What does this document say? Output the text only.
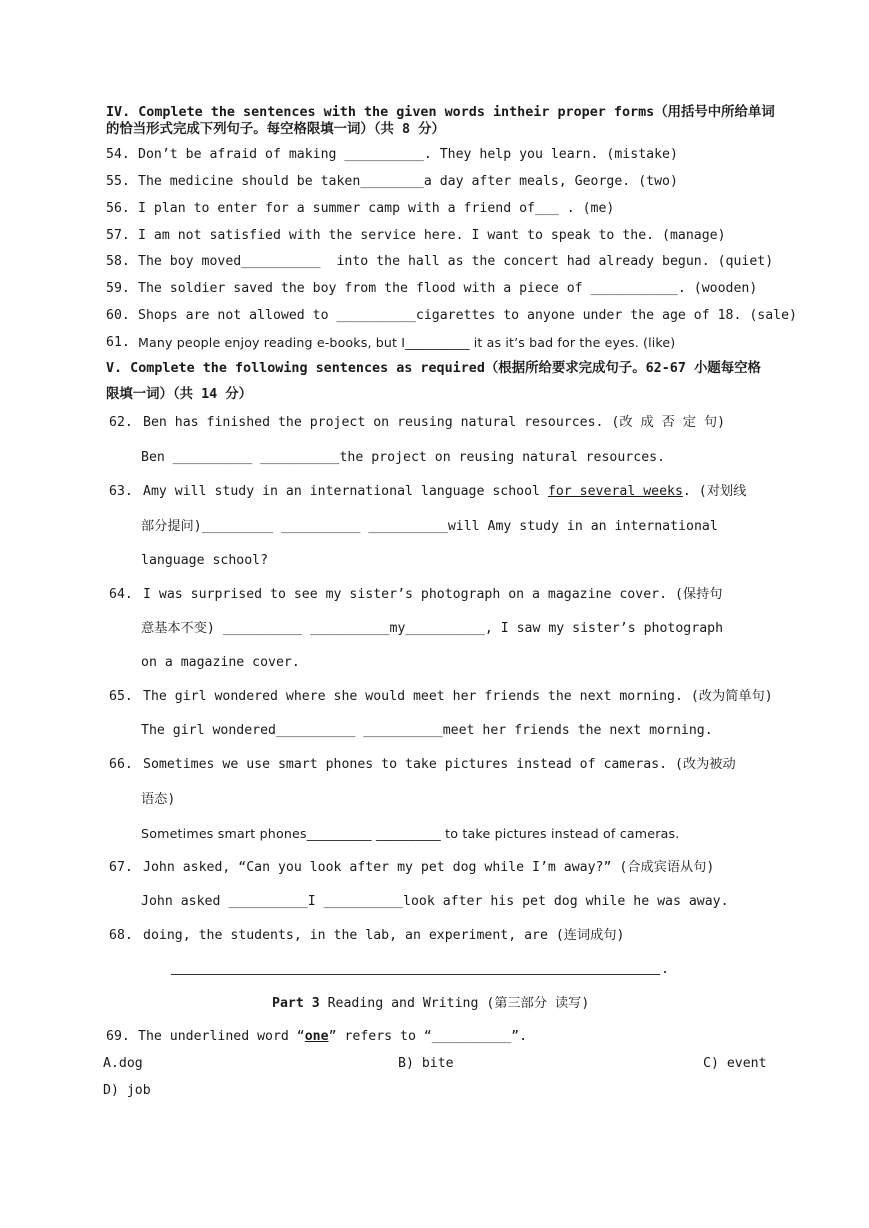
IV. Complete the sentences with the given words intheir proper forms（用括号中所给单词
的恰当形式完成下列句子。每空格限填一词）（共 8 分）
54. Don’t be afraid of making __________. They help you learn. (mistake)
55. The medicine should be taken________a day after meals, George. (two)
56. I plan to enter for a summer camp with a friend of___ . (me)
57. I am not satisfied with the service here. I want to speak to the. (manage)
58. The boy moved__________  into the hall as the concert had already begun. (quiet)
59. The soldier saved the boy from the flood with a piece of ___________. (wooden)
60. Shops are not allowed to __________cigarettes to anyone under the age of 18. (sale)
61. Many people enjoy reading e-books, but I__________ it as it’s bad for the eyes. (like)
V. Complete the following sentences as required（根据所给要求完成句子。62-67 小题每空格
限填一词）（共 14 分）
62. Ben has finished the project on reusing natural resources. (改 成 否 定 句)
Ben __________ __________the project on reusing natural resources.
63. Amy will study in an international language school for several weeks. (对划线
部分提问)_________ __________ __________will Amy study in an international
language school?
64. I was surprised to see my sister’s photograph on a magazine cover. (保持句
意基本不变) __________ __________my__________, I saw my sister’s photograph
on a magazine cover.
65. The girl wondered where she would meet her friends the next morning. (改为简单句)
The girl wondered__________ __________meet her friends the next morning.
66. Sometimes we use smart phones to take pictures instead of cameras. (改为被动
语态)
Sometimes smart phones__________ __________ to take pictures instead of cameras.
67. John asked, “Can you look after my pet dog while I’m away?” (合成宾语从句)
John asked __________I __________look after his pet dog while he was away.
68. doing, the students, in the lab, an experiment, are (连词成句)
.
Part 3 Reading and Writing (第三部分 读写)
69. The underlined word “one” refers to “__________”.
A.dog	B) bite	C) event
D) job
